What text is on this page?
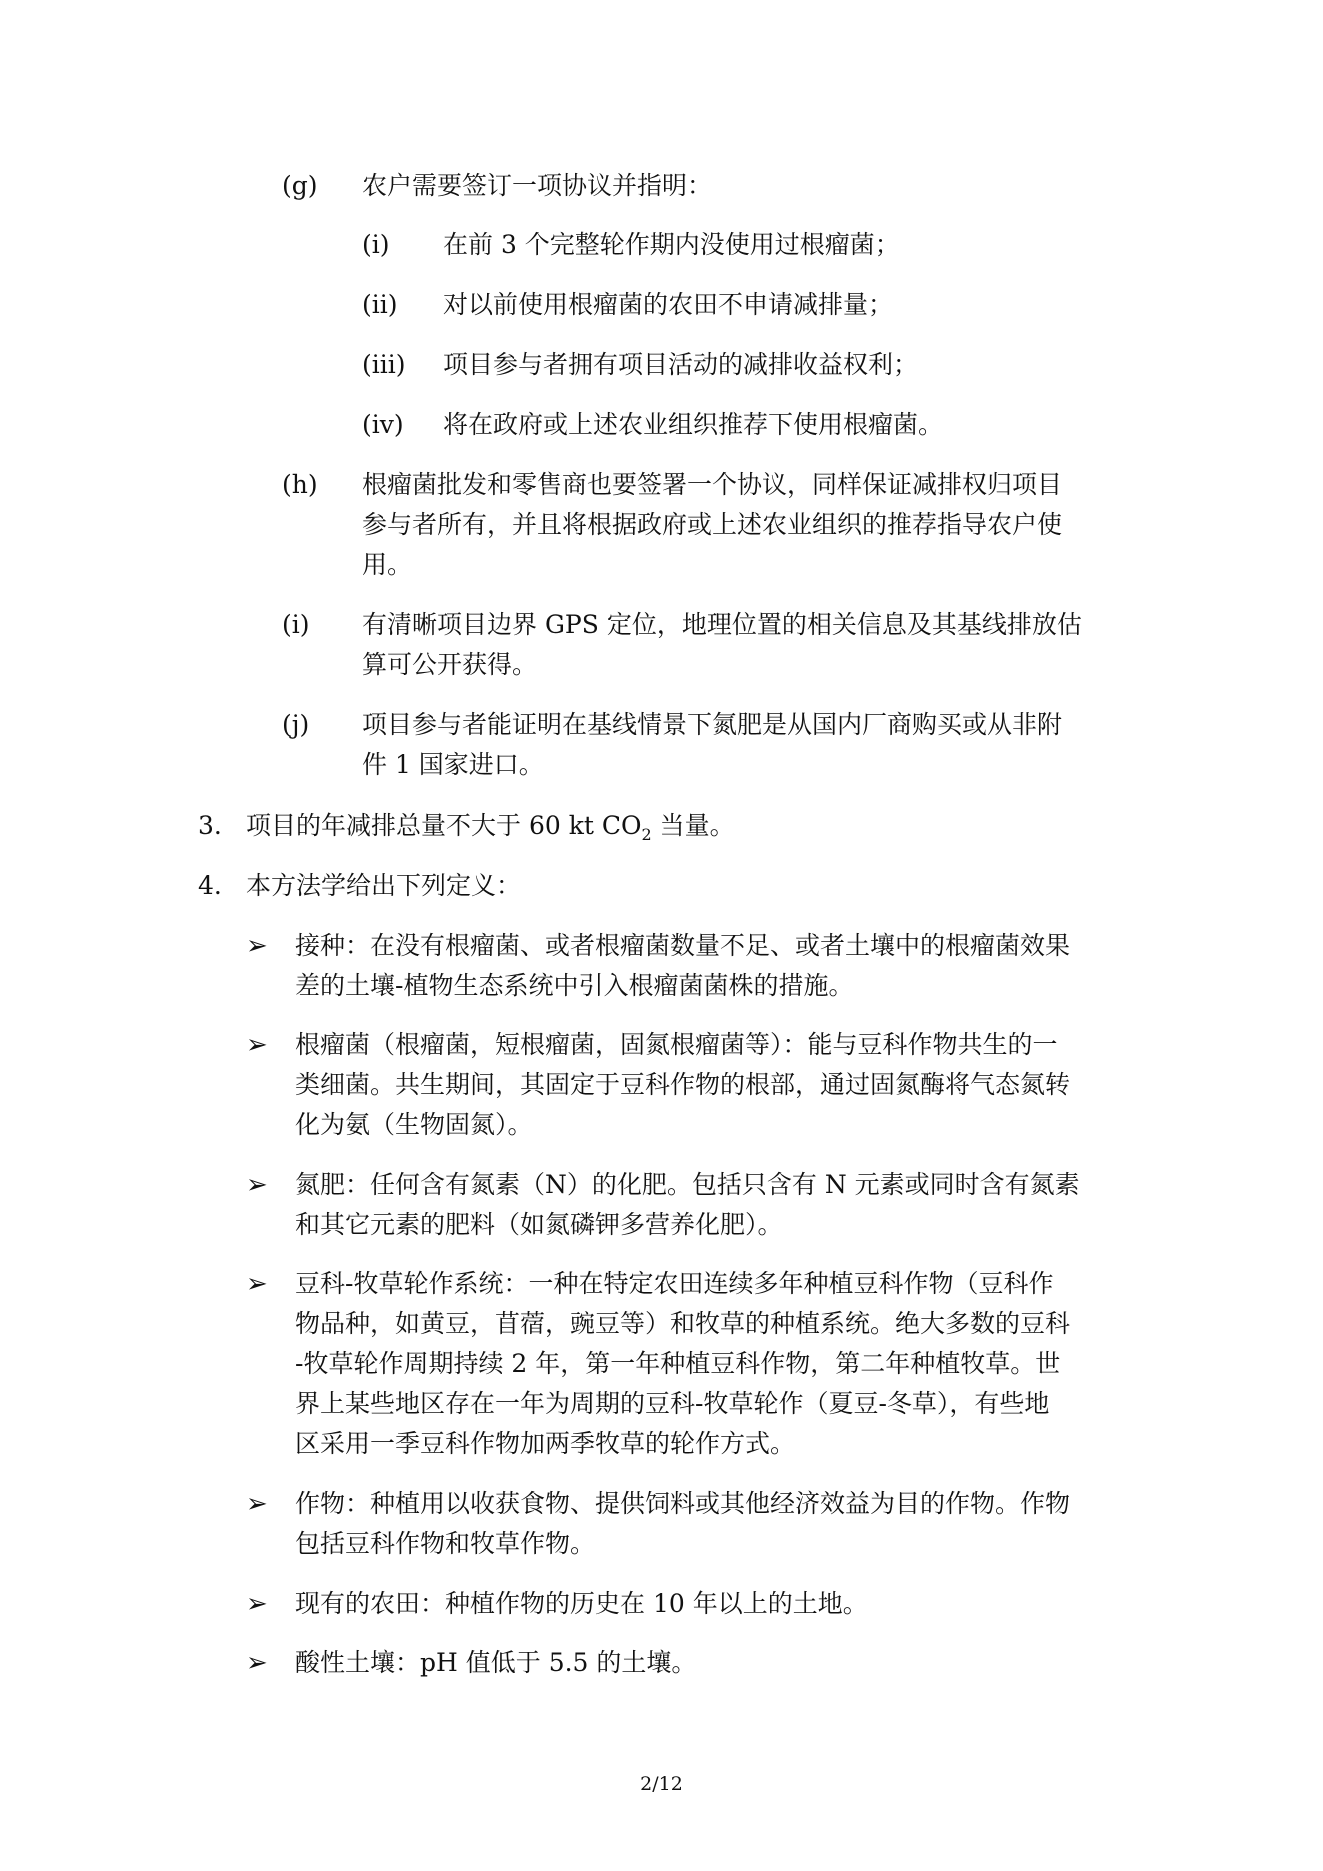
(g) 农户需要签订一项协议并指明：
(i) 在前 3 个完整轮作期内没使用过根瘤菌；
(ii) 对以前使用根瘤菌的农田不申请减排量；
(iii) 项目参与者拥有项目活动的减排收益权利；
(iv) 将在政府或上述农业组织推荐下使用根瘤菌。
(h) 根瘤菌批发和零售商也要签署一个协议，同样保证减排权归项目
参与者所有，并且将根据政府或上述农业组织的推荐指导农户使
用。
(i) 有清晰项目边界 GPS 定位，地理位置的相关信息及其基线排放估
算可公开获得。
(j) 项目参与者能证明在基线情景下氮肥是从国内厂商购买或从非附
件 1 国家进口。
3. 项目的年减排总量不大于 60 kt $CO_2$ 当量。
4. 本方法学给出下列定义：
➢ 接种：在没有根瘤菌、或者根瘤菌数量不足、或者土壤中的根瘤菌效果
差的土壤-植物生态系统中引入根瘤菌菌株的措施。
➢ 根瘤菌（根瘤菌，短根瘤菌，固氮根瘤菌等）：能与豆科作物共生的一
类细菌。共生期间，其固定于豆科作物的根部，通过固氮酶将气态氮转
化为氨（生物固氮）。
➢ 氮肥：任何含有氮素（N）的化肥。包括只含有 N 元素或同时含有氮素
和其它元素的肥料（如氮磷钾多营养化肥）。
➢ 豆科-牧草轮作系统：一种在特定农田连续多年种植豆科作物（豆科作
物品种，如黄豆，苜蓿，豌豆等）和牧草的种植系统。绝大多数的豆科
-牧草轮作周期持续 2 年，第一年种植豆科作物，第二年种植牧草。世
界上某些地区存在一年为周期的豆科-牧草轮作（夏豆-冬草），有些地
区采用一季豆科作物加两季牧草的轮作方式。
➢ 作物：种植用以收获食物、提供饲料或其他经济效益为目的作物。作物
包括豆科作物和牧草作物。
➢ 现有的农田：种植作物的历史在 10 年以上的土地。
➢ 酸性土壤：pH 值低于 5.5 的土壤。
2/12
